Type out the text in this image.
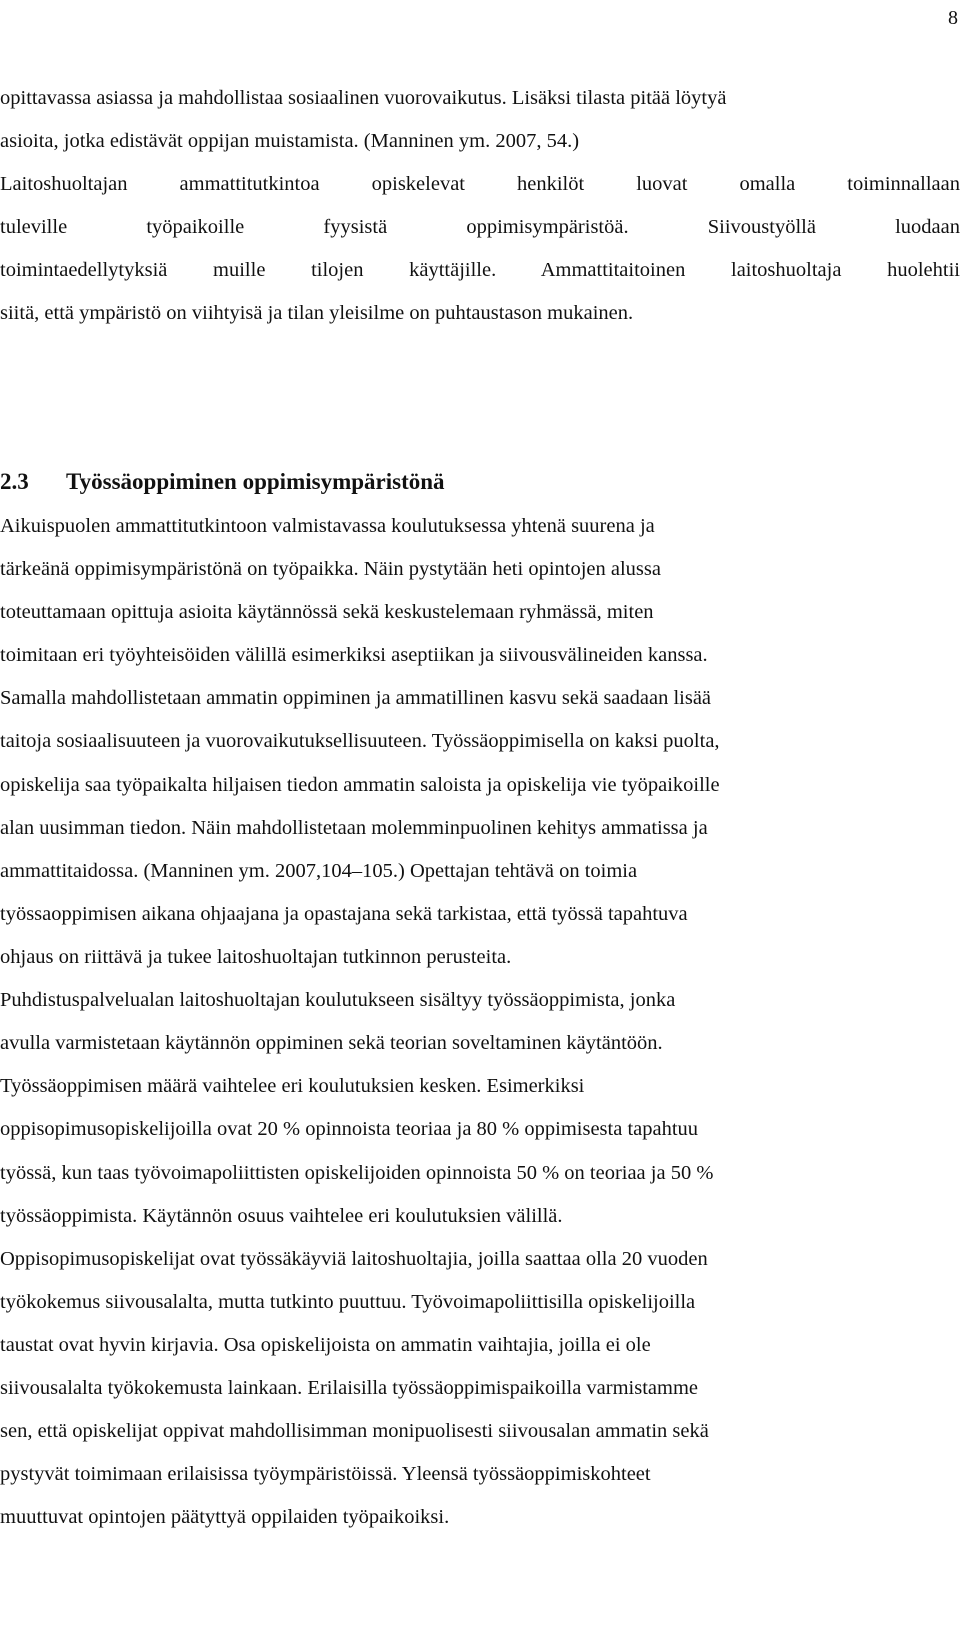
8
opittavassa asiassa ja mahdollistaa sosiaalinen vuorovaikutus. Lisäksi tilasta pitää löytyä
asioita, jotka edistävät oppijan muistamista. (Manninen ym. 2007, 54.)
Laitoshuoltajan ammattitutkintoa opiskelevat henkilöt luovat omalla toiminnallaan
tuleville työpaikoille fyysistä oppimisympäristöä. Siivoustyöllä luodaan
toimintaedellytyksiä muille tilojen käyttäjille. Ammattitaitoinen laitoshuoltaja huolehtii
siitä, että ympäristö on viihtyisä ja tilan yleisilme on puhtaustason mukainen.
2.3 Työssäoppiminen oppimisympäristönä
Aikuispuolen ammattitutkintoon valmistavassa koulutuksessa yhtenä suurena ja
tärkeänä oppimisympäristönä on työpaikka. Näin pystytään heti opintojen alussa
toteuttamaan opittuja asioita käytännössä sekä keskustelemaan ryhmässä, miten
toimitaan eri työyhteisöiden välillä esimerkiksi aseptiikan ja siivousvälineiden kanssa.
Samalla mahdollistetaan ammatin oppiminen ja ammatillinen kasvu sekä saadaan lisää
taitoja sosiaalisuuteen ja vuorovaikutuksellisuuteen. Työssäoppimisella on kaksi puolta,
opiskelija saa työpaikalta hiljaisen tiedon ammatin saloista ja opiskelija vie työpaikoille
alan uusimman tiedon. Näin mahdollistetaan molemminpuolinen kehitys ammatissa ja
ammattitaidossa. (Manninen ym. 2007,104–105.) Opettajan tehtävä on toimia
työssaoppimisen aikana ohjaajana ja opastajana sekä tarkistaa, että työssä tapahtuva
ohjaus on riittävä ja tukee laitoshuoltajan tutkinnon perusteita.
Puhdistuspalvelualan laitoshuoltajan koulutukseen sisältyy työssäoppimista, jonka
avulla varmistetaan käytännön oppiminen sekä teorian soveltaminen käytäntöön.
Työssäoppimisen määrä vaihtelee eri koulutuksien kesken. Esimerkiksi
oppisopimusopiskelijoilla ovat 20 % opinnoista teoriaa ja 80 % oppimisesta tapahtuu
työssä, kun taas työvoimapoliittisten opiskelijoiden opinnoista 50 % on teoriaa ja 50 %
työssäoppimista. Käytännön osuus vaihtelee eri koulutuksien välillä.
Oppisopimusopiskelijat ovat työssäkäyviä laitoshuoltajia, joilla saattaa olla 20 vuoden
työkokemus siivousalalta, mutta tutkinto puuttuu. Työvoimapoliittisilla opiskelijoilla
taustat ovat hyvin kirjavia. Osa opiskelijoista on ammatin vaihtajia, joilla ei ole
siivousalalta työkokemusta lainkaan. Erilaisilla työssäoppimispaikoilla varmistamme
sen, että opiskelijat oppivat mahdollisimman monipuolisesti siivousalan ammatin sekä
pystyvät toimimaan erilaisissa työympäristöissä. Yleensä työssäoppimiskohteet
muuttuvat opintojen päätyttyä oppilaiden työpaikoiksi.
